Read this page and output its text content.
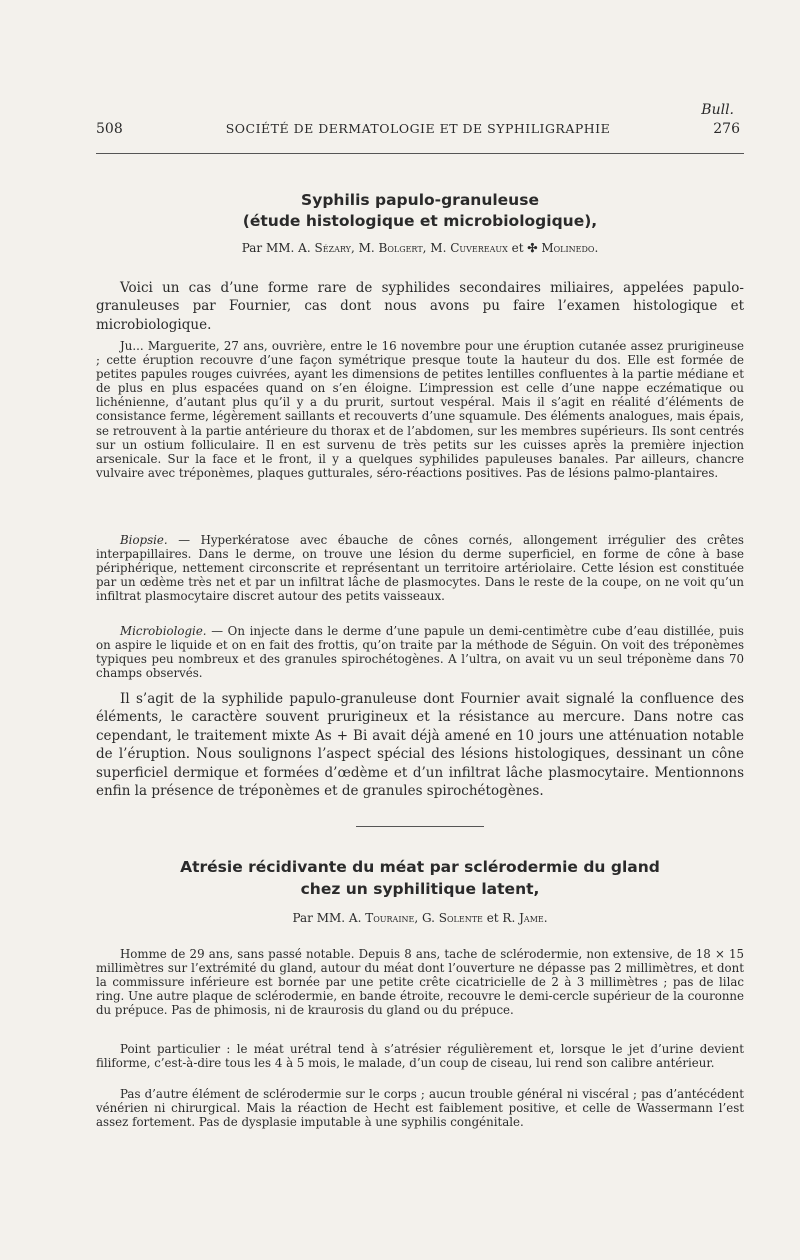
Bull.
508	SOCIÉTÉ DE DERMATOLOGIE ET DE SYPHILIGRAPHIE	276
Syphilis papulo-granuleuse
(étude histologique et microbiologique),
Par MM. A. Sézary, M. Bolgert, M. Cuvereaux et ✣ Molinedo.

Voici un cas d’une forme rare de syphilides secondaires miliaires, appelées papulo-granuleuses par Fournier, cas dont nous avons pu faire l’examen histologique et microbiologique.

Ju... Marguerite, 27 ans, ouvrière, entre le 16 novembre pour une éruption cutanée assez prurigineuse ; cette éruption recouvre d’une façon symétrique presque toute la hauteur du dos. Elle est formée de petites papules rouges cuivrées, ayant les dimensions de petites lentilles confluentes à la partie médiane et de plus en plus espacées quand on s’en éloigne. L’impression est celle d’une nappe eczématique ou lichénienne, d’autant plus qu’il y a du prurit, surtout vespéral. Mais il s’agit en réalité d’éléments de consistance ferme, légèrement saillants et recouverts d’une squamule. Des éléments analogues, mais épais, se retrouvent à la partie antérieure du thorax et de l’abdomen, sur les membres supérieurs. Ils sont centrés sur un ostium folliculaire. Il en est survenu de très petits sur les cuisses après la première injection arsenicale. Sur la face et le front, il y a quelques syphilides papuleuses banales. Par ailleurs, chancre vulvaire avec tréponèmes, plaques gutturales, séro-réactions positives. Pas de lésions palmo-plantaires.

Biopsie. — Hyperkératose avec ébauche de cônes cornés, allongement irrégulier des crêtes interpapillaires. Dans le derme, on trouve une lésion du derme superficiel, en forme de cône à base périphérique, nettement circonscrite et représentant un territoire artériolaire. Cette lésion est constituée par un œdème très net et par un infiltrat lâche de plasmocytes. Dans le reste de la coupe, on ne voit qu’un infiltrat plasmocytaire discret autour des petits vaisseaux.

Microbiologie. — On injecte dans le derme d’une papule un demi-centimètre cube d’eau distillée, puis on aspire le liquide et on en fait des frottis, qu’on traite par la méthode de Séguin. On voit des tréponèmes typiques peu nombreux et des granules spirochétogènes. A l’ultra, on avait vu un seul tréponème dans 70 champs observés.

Il s’agit de la syphilide papulo-granuleuse dont Fournier avait signalé la confluence des éléments, le caractère souvent prurigineux et la résistance au mercure. Dans notre cas cependant, le traitement mixte As + Bi avait déjà amené en 10 jours une atténuation notable de l’éruption. Nous soulignons l’aspect spécial des lésions histologiques, dessinant un cône superficiel dermique et formées d’œdème et d’un infiltrat lâche plasmocytaire. Mentionnons enfin la présence de tréponèmes et de granules spirochétogènes.

Atrésie récidivante du méat par sclérodermie du gland
chez un syphilitique latent,
Par MM. A. Touraine, G. Solente et R. Jame.

Homme de 29 ans, sans passé notable. Depuis 8 ans, tache de sclérodermie, non extensive, de 18 × 15 millimètres sur l’extrémité du gland, autour du méat dont l’ouverture ne dépasse pas 2 millimètres, et dont la commissure inférieure est bornée par une petite crête cicatricielle de 2 à 3 millimètres ; pas de lilac ring. Une autre plaque de sclérodermie, en bande étroite, recouvre le demi-cercle supérieur de la couronne du prépuce. Pas de phimosis, ni de kraurosis du gland ou du prépuce.

Point particulier : le méat urétral tend à s’atrésier régulièrement et, lorsque le jet d’urine devient filiforme, c’est-à-dire tous les 4 à 5 mois, le malade, d’un coup de ciseau, lui rend son calibre antérieur.

Pas d’autre élément de sclérodermie sur le corps ; aucun trouble général ni viscéral ; pas d’antécédent vénérien ni chirurgical. Mais la réaction de Hecht est faiblement positive, et celle de Wassermann l’est assez fortement. Pas de dysplasie imputable à une syphilis congénitale.
